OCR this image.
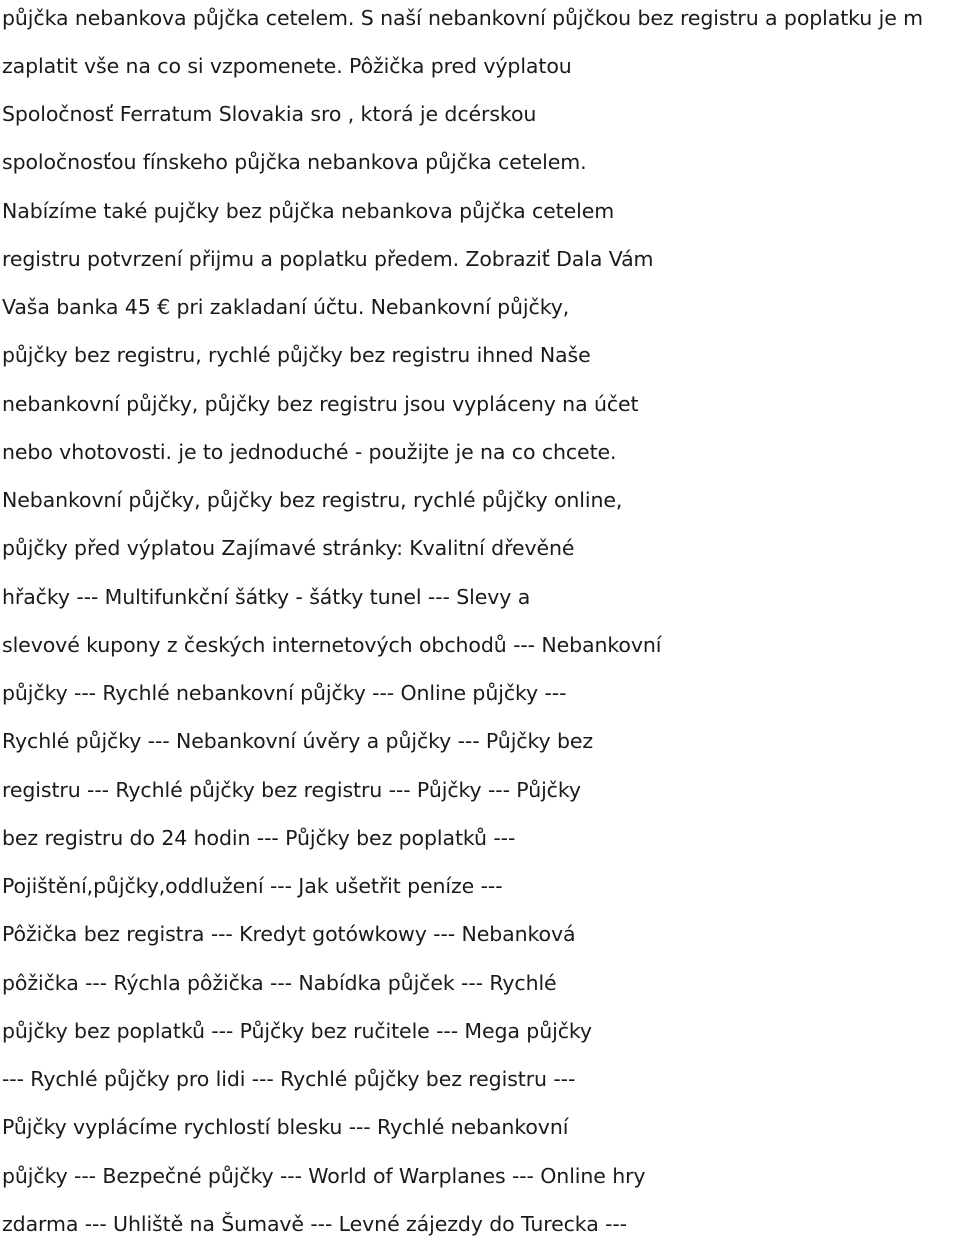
půjčka nebankova půjčka cetelem. S naší nebankovní půjčkou bez registru a poplatku je m
zaplatit vše na co si vzpomenete. Pôžička pred výplatou
Spoločnosť Ferratum Slovakia sro , ktorá je dcérskou
spoločnosťou fínskeho půjčka nebankova půjčka cetelem.
Nabízíme také pujčky bez půjčka nebankova půjčka cetelem
registru potvrzení přijmu a poplatku předem. Zobraziť Dala Vám
Vaša banka 45 € pri zakladaní účtu. Nebankovní půjčky,
půjčky bez registru, rychlé půjčky bez registru ihned Naše
nebankovní půjčky, půjčky bez registru jsou vypláceny na účet
nebo vhotovosti. je to jednoduché - použijte je na co chcete.
Nebankovní půjčky, půjčky bez registru, rychlé půjčky online,
půjčky před výplatou Zajímavé stránky: Kvalitní dřevěné
hřačky --- Multifunkční šátky - šátky tunel --- Slevy a
slevové kupony z českých internetových obchodů --- Nebankovní
půjčky --- Rychlé nebankovní půjčky --- Online půjčky ---
Rychlé půjčky --- Nebankovní úvěry a půjčky --- Půjčky bez
registru --- Rychlé půjčky bez registru --- Půjčky --- Půjčky
bez registru do 24 hodin --- Půjčky bez poplatků ---
Pojištění,půjčky,oddlužení --- Jak ušetřit peníze ---
Pôžička bez registra --- Kredyt gotówkowy --- Nebanková
pôžička --- Rýchla pôžička --- Nabídka půjček --- Rychlé
půjčky bez poplatků --- Půjčky bez ručitele --- Mega půjčky
--- Rychlé půjčky pro lidi --- Rychlé půjčky bez registru ---
Půjčky vyplácíme rychlostí blesku --- Rychlé nebankovní
půjčky --- Bezpečné půjčky --- World of Warplanes --- Online hry
zdarma --- Uhliště na Šumavě --- Levné zájezdy do Turecka ---
